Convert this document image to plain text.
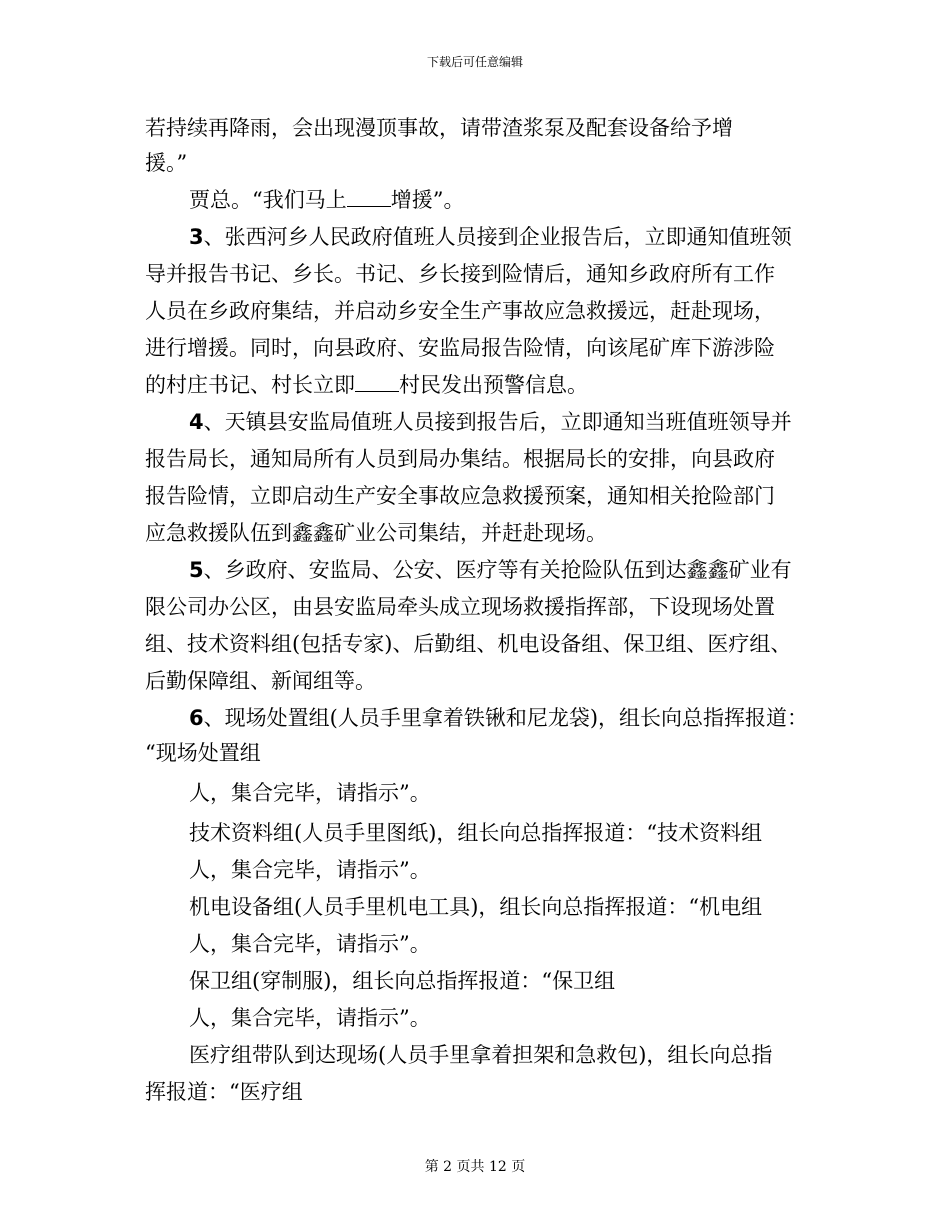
下载后可任意编辑
若持续再降雨，会出现漫顶事故，请带渣浆泵及配套设备给予增
援。”
贾总。“我们马上 增援”。
3、张西河乡人民政府值班人员接到企业报告后，立即通知值班领
导并报告书记、乡长。书记、乡长接到险情后，通知乡政府所有工作
人员在乡政府集结，并启动乡安全生产事故应急救援远，赶赴现场，
进行增援。同时，向县政府、安监局报告险情，向该尾矿库下游涉险
的村庄书记、村长立即 村民发出预警信息。
4、天镇县安监局值班人员接到报告后，立即通知当班值班领导并
报告局长，通知局所有人员到局办集结。根据局长的安排，向县政府
报告险情，立即启动生产安全事故应急救援预案，通知相关抢险部门
应急救援队伍到鑫鑫矿业公司集结，并赶赴现场。
5、乡政府、安监局、公安、医疗等有关抢险队伍到达鑫鑫矿业有
限公司办公区，由县安监局牵头成立现场救援指挥部，下设现场处置
组、技术资料组(包括专家)、后勤组、机电设备组、保卫组、医疗组、
后勤保障组、新闻组等。
6、现场处置组(人员手里拿着铁锹和尼龙袋)，组长向总指挥报道：
“现场处置组
人，集合完毕，请指示”。
技术资料组(人员手里图纸)，组长向总指挥报道：“技术资料组
人，集合完毕，请指示”。
机电设备组(人员手里机电工具)，组长向总指挥报道：“机电组
人，集合完毕，请指示”。
保卫组(穿制服)，组长向总指挥报道：“保卫组
人，集合完毕，请指示”。
医疗组带队到达现场(人员手里拿着担架和急救包)，组长向总指
挥报道：“医疗组
第 2 页共 12 页
